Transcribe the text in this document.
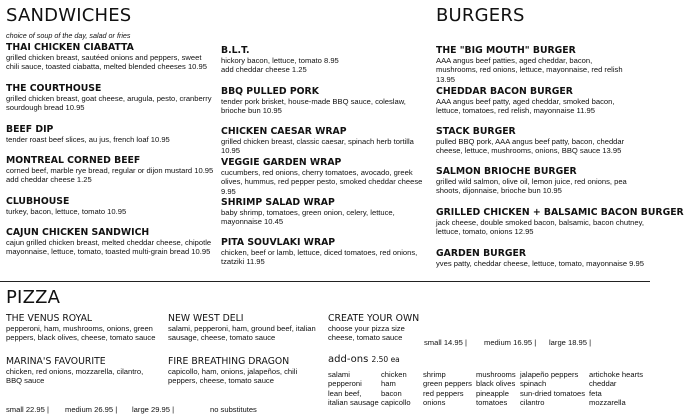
SANDWICHES
choice of soup of the day, salad or fries
THAI CHICKEN CIABATTA
grilled chicken breast, sautéed onions and peppers, sweet chili sauce, toasted ciabatta, melted blended cheeses 10.95
THE COURTHOUSE
grilled chicken breast, goat cheese, arugula, pesto, cranberry sourdough bread 10.95
BEEF DIP
tender roast beef slices, au jus, french loaf 10.95
MONTREAL CORNED BEEF
corned beef, marble rye bread, regular or dijon mustard 10.95
add cheddar cheese 1.25
CLUBHOUSE
turkey, bacon, lettuce, tomato 10.95
CAJUN CHICKEN SANDWICH
cajun grilled chicken breast, melted cheddar cheese, chipotle mayonnaise, lettuce, tomato, toasted multi-grain bread 10.95
B.L.T.
hickory bacon, lettuce, tomato 8.95
add cheddar cheese 1.25
BBQ PULLED PORK
tender pork brisket, house-made BBQ sauce, coleslaw, brioche bun 10.95
CHICKEN CAESAR WRAP
grilled chicken breast, classic caesar, spinach herb tortilla 10.95
VEGGIE GARDEN WRAP
cucumbers, red onions, cherry tomatoes, avocado, greek olives, hummus, red pepper pesto, smoked cheddar cheese 9.95
SHRIMP SALAD WRAP
baby shrimp, tomatoes, green onion, celery, lettuce, mayonnaise 10.45
PITA SOUVLAKI WRAP
chicken, beef or lamb, lettuce, diced tomatoes, red onions, tzatziki 11.95
BURGERS
THE "BIG MOUTH" BURGER
AAA angus beef patties, aged cheddar, bacon, mushrooms, red onions, lettuce, mayonnaise, red relish 13.95
CHEDDAR BACON BURGER
AAA angus beef patty, aged cheddar, smoked bacon, lettuce, tomatoes, red relish, mayonnaise 11.95
STACK BURGER
pulled BBQ pork, AAA angus beef patty, bacon, cheddar cheese, lettuce, mushrooms, onions, BBQ sauce 13.95
SALMON BRIOCHE BURGER
grilled wild salmon, olive oil, lemon juice, red onions, pea shoots, dijonnaise, brioche bun 10.95
GRILLED CHICKEN + BALSAMIC BACON BURGER
jack cheese, double smoked bacon, balsamic, bacon chutney, lettuce, tomato, onions 12.95
GARDEN BURGER
yves patty, cheddar cheese, lettuce, tomato, mayonnaise 9.95
PIZZA
THE VENUS ROYAL
pepperoni, ham, mushrooms, onions, green peppers, black olives, cheese, tomato sauce
MARINA'S FAVOURITE
chicken, red onions, mozzarella, cilantro, BBQ sauce
NEW WEST DELI
salami, pepperoni, ham, ground beef, italian sausage, cheese, tomato sauce
FIRE BREATHING DRAGON
capicollo, ham, onions, jalapeños, chili peppers, cheese, tomato sauce
small 22.95 | medium 26.95 | large 29.95 |	no substitutes
CREATE YOUR OWN
choose your pizza size cheese, tomato sauce
small 14.95 | medium 16.95 | large 18.95 |
add-ons 2.50 ea
salami
pepperoni
lean beef,
italian sausage
chicken
ham
bacon
capicollo
shrimp
green peppers
red peppers
onions
mushrooms
black olives
pineapple
tomatoes
jalapeño peppers
spinach
sun-dried tomatoes
cilantro
artichoke hearts
cheddar
feta
mozzarella
